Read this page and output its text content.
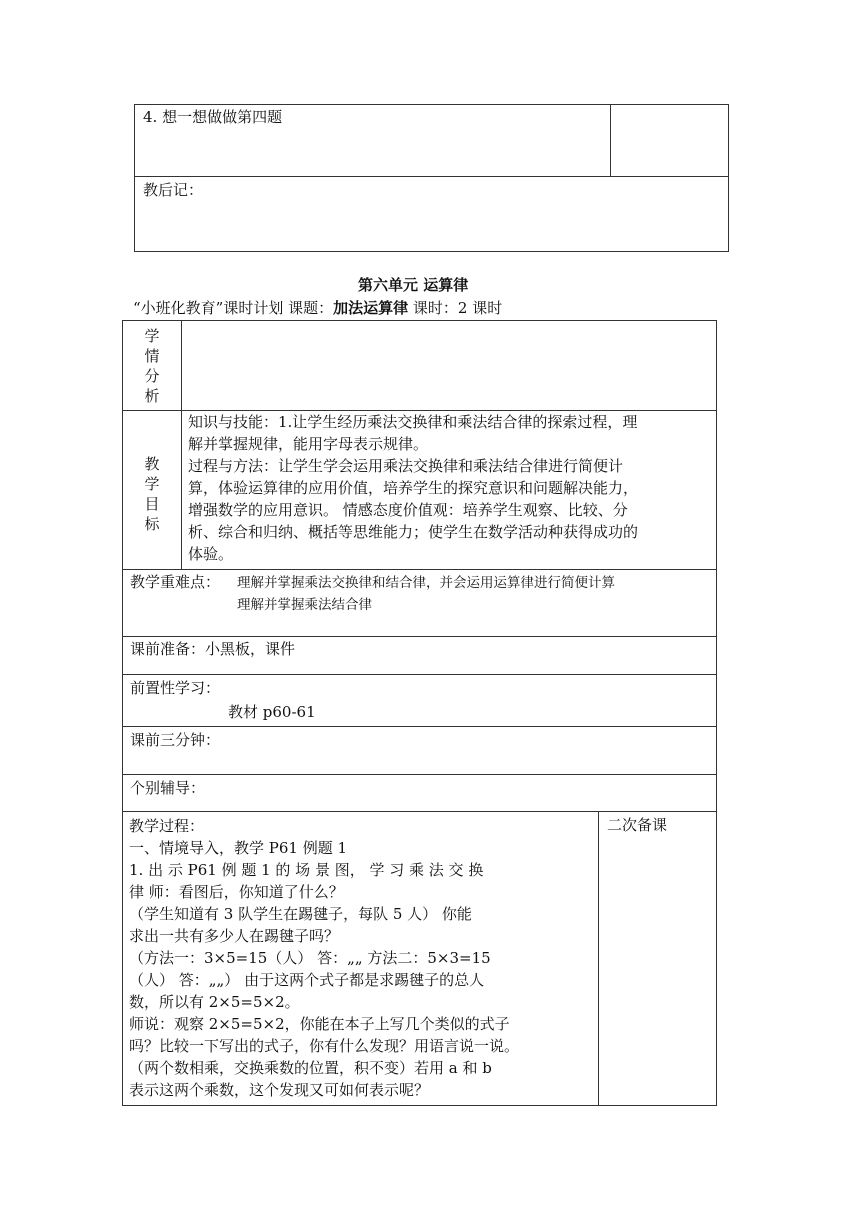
4. 想一想做做第四题
教后记：
第六单元 运算律
“小班化教育”课时计划 课题：加法运算律 课时：2 课时
学情分析
教学目标
知识与技能：1.让学生经历乘法交换律和乘法结合律的探索过程，理
解并掌握规律，能用字母表示规律。
过程与方法：让学生学会运用乘法交换律和乘法结合律进行简便计
算，体验运算律的应用价值，培养学生的探究意识和问题解决能力，
增强数学的应用意识。 情感态度价值观：培养学生观察、比较、分
析、综合和归纳、概括等思维能力；使学生在数学活动种获得成功的
体验。
教学重难点： 理解并掌握乘法交换律和结合律，并会运用运算律进行简便计算
理解并掌握乘法结合律
课前准备：小黑板，课件
前置性学习：
教材 p60-61
课前三分钟：
个别辅导：
二次备课
教学过程：
一、情境导入，教学 P61 例题 1
1. 出 示 P61 例 题 1 的 场 景 图， 学 习 乘 法 交 换
律 师：看图后，你知道了什么？
（学生知道有 3 队学生在踢毽子，每队 5 人） 你能
求出一共有多少人在踢毽子吗？
（方法一：3×5=15（人） 答：„„ 方法二：5×3=15
（人） 答：„„） 由于这两个式子都是求踢毽子的总人
数，所以有 2×5=5×2。
师说：观察 2×5=5×2，你能在本子上写几个类似的式子
吗？比较一下写出的式子，你有什么发现？用语言说一说。
（两个数相乘，交换乘数的位置，积不变）若用 a 和 b
表示这两个乘数，这个发现又可如何表示呢？
